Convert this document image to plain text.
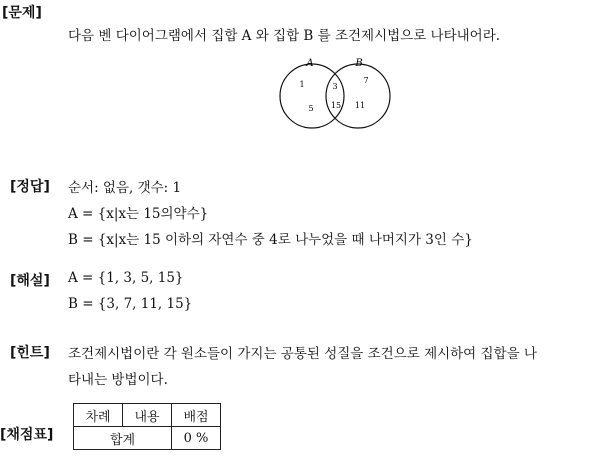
[문제]
다음 벤 다이어그램에서 집합 A 와 집합 B 를 조건제시법으로 나타내어라.
A	B
1
5
3
15
7
11
[정답] 순서: 없음, 갯수: 1
A = {x|x는 15의약수}
B = {x|x는 15 이하의 자연수 중 4로 나누었을 때 나머지가 3인 수}
[해설] A = {1, 3, 5, 15}
B = {3, 7, 11, 15}
[힌트] 조건제시법이란 각 원소들이 가지는 공통된 성질을 조건으로 제시하여 집합을 나
타내는 방법이다.
[채점표]
차례	내용	배점
합계		0 %
